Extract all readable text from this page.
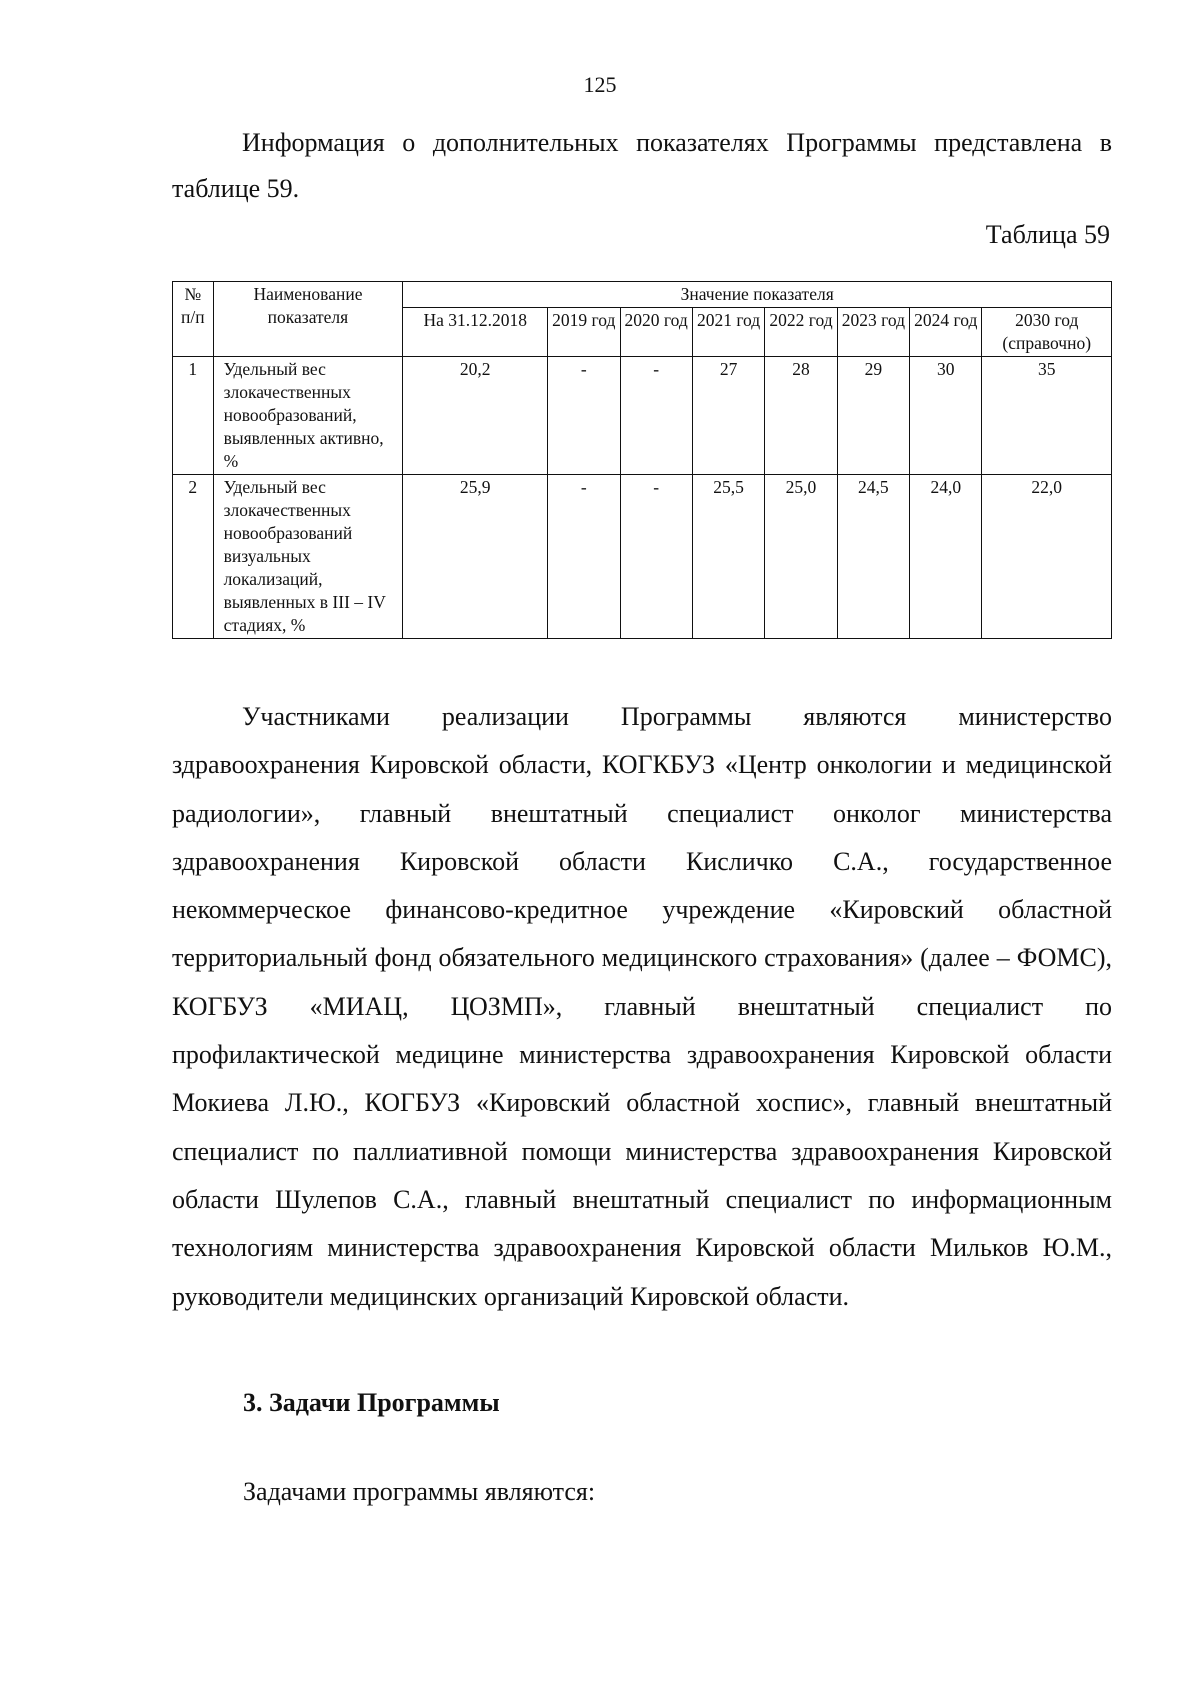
125

Информация о дополнительных показателях Программы представлена в таблице 59.

Таблица 59
№ п/п	Наименование показателя	Значение показателя							
		На 31.12.2018	2019 год	2020 год	2021 год	2022 год	2023 год	2024 год	2030 год (справочно)
1	Удельный вес злокачественных новообразований, выявленных активно, %	20,2	-	-	27	28	29	30	35
2	Удельный вес злокачественных новообразований визуальных локализаций, выявленных в III – IV стадиях, %	25,9	-	-	25,5	25,0	24,5	24,0	22,0

Участниками реализации Программы являются министерство здравоохранения Кировской области, КОГКБУЗ «Центр онкологии и медицинской радиологии», главный внештатный специалист онколог министерства здравоохранения Кировской области Кисличко С.А., государственное некоммерческое финансово-кредитное учреждение «Кировский областной территориальный фонд обязательного медицинского страхования» (далее – ФОМС), КОГБУЗ «МИАЦ, ЦОЗМП», главный внештатный специалист по профилактической медицине министерства здравоохранения Кировской области Мокиева Л.Ю., КОГБУЗ «Кировский областной хоспис», главный внештатный специалист по паллиативной помощи министерства здравоохранения Кировской области Шулепов С.А., главный внештатный специалист по информационным технологиям министерства здравоохранения Кировской области Мильков Ю.М., руководители медицинских организаций Кировской области.

3. Задачи Программы
Задачами программы являются:
